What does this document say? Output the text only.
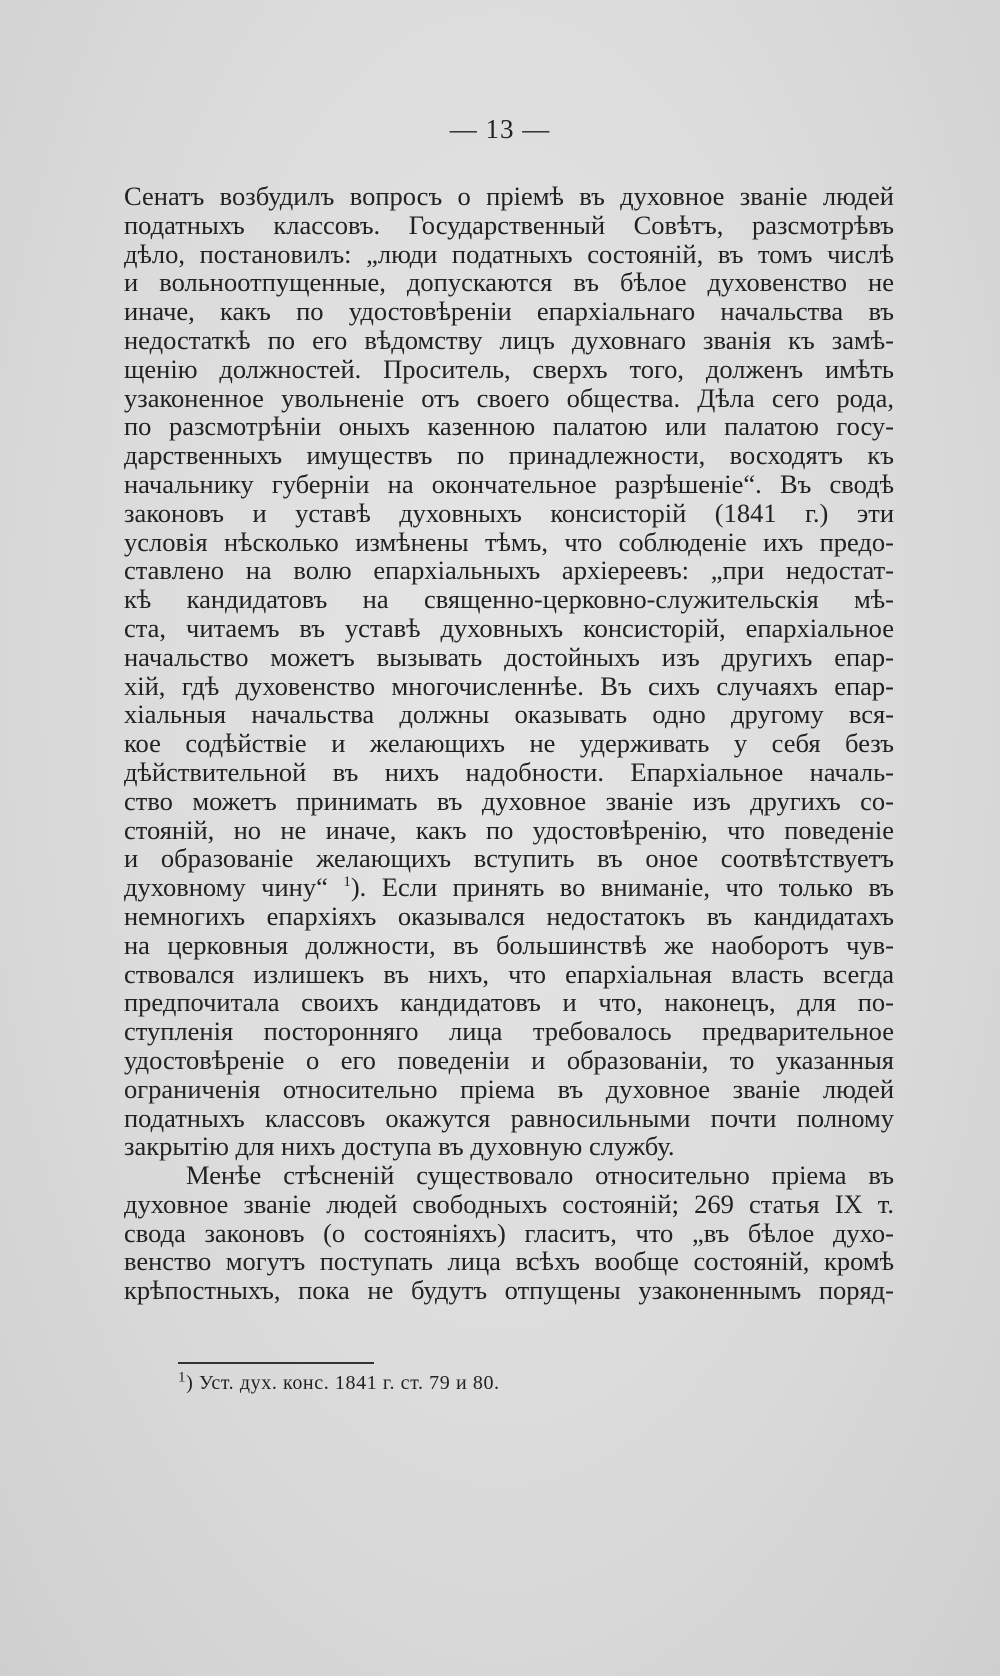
— 13 —
Сенатъ возбудилъ вопросъ о пріемѣ въ духовное званіе людей
податныхъ классовъ. Государственный Совѣтъ, разсмотрѣвъ
дѣло, постановилъ: „люди податныхъ состояній, въ томъ числѣ
и вольноотпущенные, допускаются въ бѣлое духовенство не
иначе, какъ по удостовѣреніи епархіальнаго начальства въ
недостаткѣ по его вѣдомству лицъ духовнаго званія къ замѣ-
щенію должностей. Проситель, сверхъ того, долженъ имѣть
узаконенное увольненіе отъ своего общества. Дѣла сего рода,
по разсмотрѣніи оныхъ казенною палатою или палатою госу-
дарственныхъ имуществъ по принадлежности, восходятъ къ
начальнику губерніи на окончательное разрѣшеніе“. Въ сводѣ
законовъ и уставѣ духовныхъ консисторій (1841 г.) эти
условія нѣсколько измѣнены тѣмъ, что соблюденіе ихъ предо-
ставлено на волю епархіальныхъ архіереевъ: „при недостат-
кѣ кандидатовъ на священно-церковно-служительскія мѣ-
ста, читаемъ въ уставѣ духовныхъ консисторій, епархіальное
начальство можетъ вызывать достойныхъ изъ другихъ епар-
хій, гдѣ духовенство многочисленнѣе. Въ сихъ случаяхъ епар-
хіальныя начальства должны оказывать одно другому вся-
кое содѣйствіе и желающихъ не удерживать у себя безъ
дѣйствительной въ нихъ надобности. Епархіальное началь-
ство можетъ принимать въ духовное званіе изъ другихъ со-
стояній, но не иначе, какъ по удостовѣренію, что поведеніе
и образованіе желающихъ вступить въ оное соотвѣтствуетъ
духовному чину“ $^1$). Если принять во вниманіе, что только въ
немногихъ епархіяхъ оказывался недостатокъ въ кандидатахъ
на церковныя должности, въ большинствѣ же наоборотъ чув-
ствовался излишекъ въ нихъ, что епархіальная власть всегда
предпочитала своихъ кандидатовъ и что, наконецъ, для по-
ступленія посторонняго лица требовалось предварительное
удостовѣреніе о его поведеніи и образованіи, то указанныя
ограниченія относительно пріема въ духовное званіе людей
податныхъ классовъ окажутся равносильными почти полному
закрытію для нихъ доступа въ духовную службу.
Менѣе стѣсненій существовало относительно пріема въ
духовное званіе людей свободныхъ состояній; 269 статья IX т.
свода законовъ (о состояніяхъ) гласитъ, что „въ бѣлое духо-
венство могутъ поступать лица всѣхъ вообще состояній, кромѣ
крѣпостныхъ, пока не будутъ отпущены узаконеннымъ поряд-
$^1$) Уст. дух. конс. 1841 г. ст. 79 и 80.
